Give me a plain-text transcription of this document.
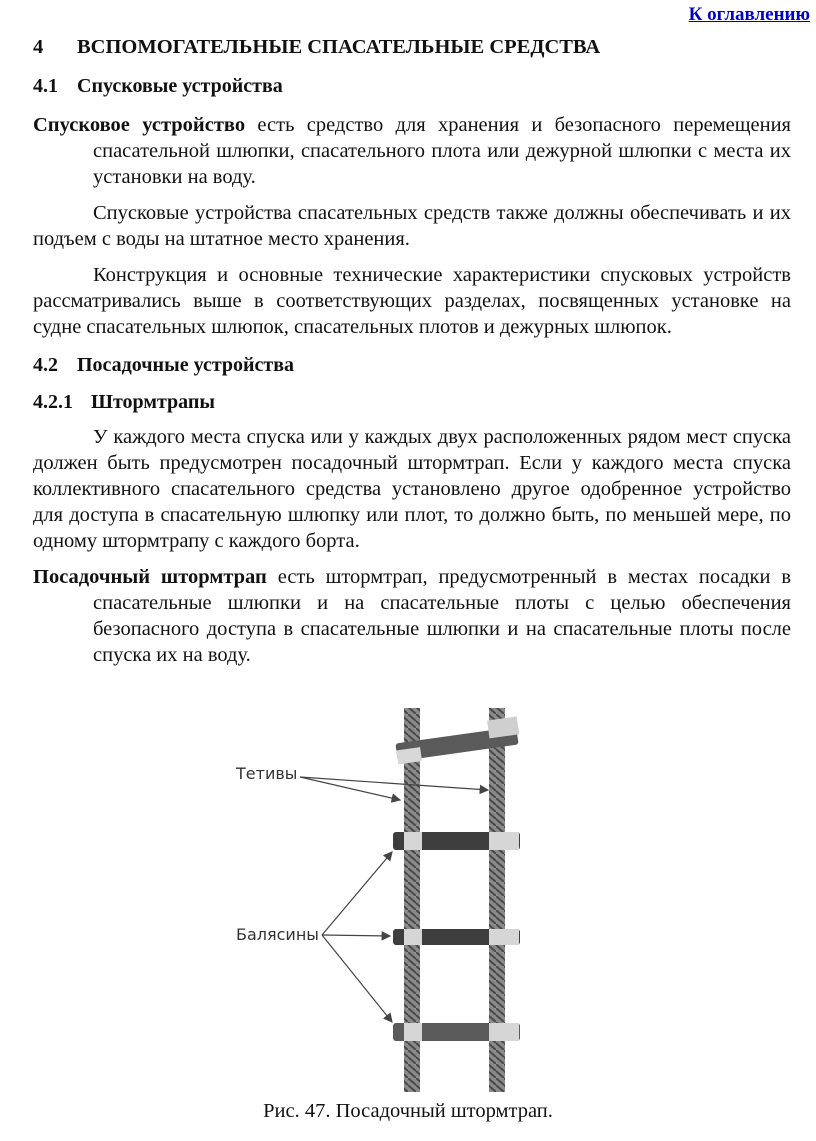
К оглавлению
4 ВСПОМОГАТЕЛЬНЫЕ СПАСАТЕЛЬНЫЕ СРЕДСТВА
4.1 Спусковые устройства

Спусковое устройство есть средство для хранения и безопасного перемещения спасательной шлюпки, спасательного плота или дежурной шлюпки с места их установки на воду.

Спусковые устройства спасательных средств также должны обеспечивать и их подъем с воды на штатное место хранения.

Конструкция и основные технические характеристики спусковых устройств рассматривались выше в соответствующих разделах, посвященных установке на судне спасательных шлюпок, спасательных плотов и дежурных шлюпок.

4.2 Посадочные устройства
4.2.1 Штормтрапы

У каждого места спуска или у каждых двух расположенных рядом мест спуска должен быть предусмотрен посадочный штормтрап. Если у каждого места спуска коллективного спасательного средства установлено другое одобренное устройство для доступа в спасательную шлюпку или плот, то должно быть, по меньшей мере, по одному штормтрапу с каждого борта.

Посадочный штормтрап есть штормтрап, предусмотренный в местах посадки в спасательные шлюпки и на спасательные плоты с целью обеспечения безопасного доступа в спасательные шлюпки и на спасательные плоты после спуска их на воду.

Тетивы
Балясины
Рис. 47. Посадочный штормтрап.
